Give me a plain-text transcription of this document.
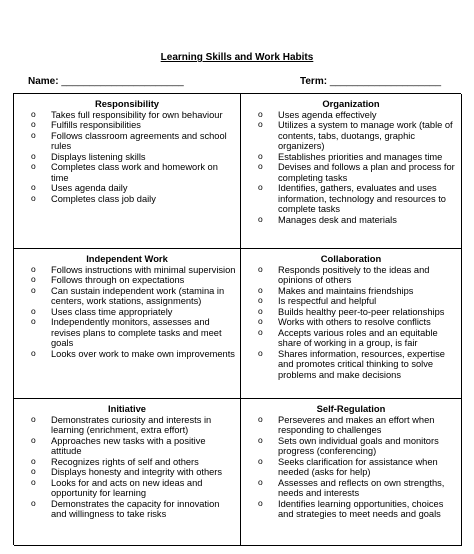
Learning Skills and Work Habits
Name: ______________________	Term: ____________________
Responsibility
o Takes full responsibility for own behaviour
o Fulfills responsibilities
o Follows classroom agreements and school rules
o Displays listening skills
o Completes class work and homework on time
o Uses agenda daily
o Completes class job daily
Organization
o Uses agenda effectively
o Utilizes a system to manage work (table of contents, tabs, duotangs, graphic organizers)
o Establishes priorities and manages time
o Devises and follows a plan and process for completing tasks
o Identifies, gathers, evaluates and uses information, technology and resources to complete tasks
o Manages desk and materials
Independent Work
o Follows instructions with minimal supervision
o Follows through on expectations
o Can sustain independent work (stamina in centers, work stations, assignments)
o Uses class time appropriately
o Independently monitors, assesses and revises plans to complete tasks and meet goals
o Looks over work to make own improvements
Collaboration
o Responds positively to the ideas and opinions of others
o Makes and maintains friendships
o Is respectful and helpful
o Builds healthy peer-to-peer relationships
o Works with others to resolve conflicts
o Accepts various roles and an equitable share of working in a group, is fair
o Shares information, resources, expertise and promotes critical thinking to solve problems and make decisions
Initiative
o Demonstrates curiosity and interests in learning (enrichment, extra effort)
o Approaches new tasks with a positive attitude
o Recognizes rights of self and others
o Displays honesty and integrity with others
o Looks for and acts on new ideas and opportunity for learning
o Demonstrates the capacity for innovation and willingness to take risks
Self-Regulation
o Perseveres and makes an effort when responding to challenges
o Sets own individual goals and monitors progress (conferencing)
o Seeks clarification for assistance when needed (asks for help)
o Assesses and reflects on own strengths, needs and interests
o Identifies learning opportunities, choices and strategies to meet needs and goals
